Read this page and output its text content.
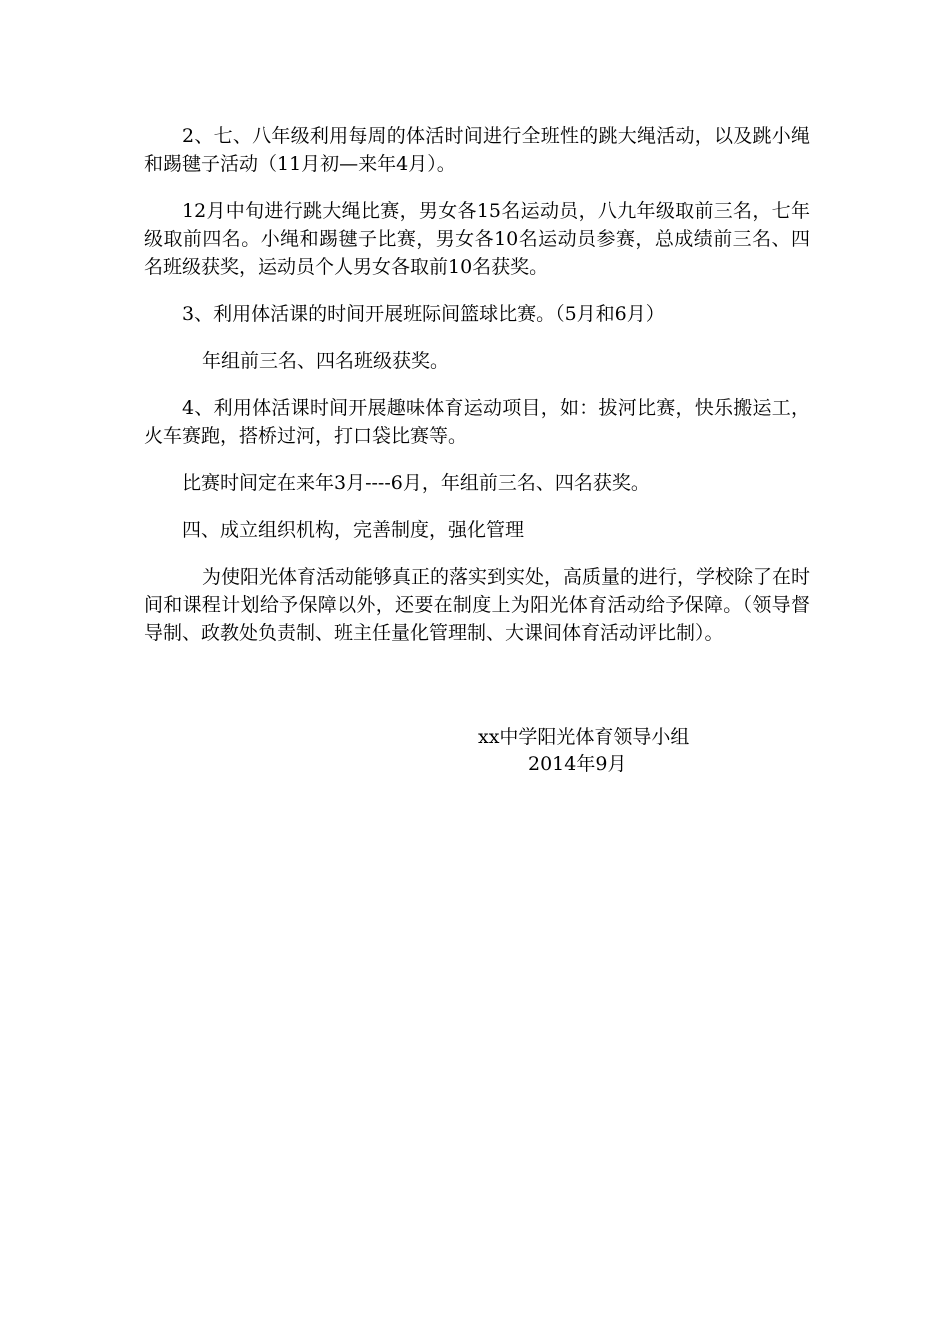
2、七、八年级利用每周的体活时间进行全班性的跳大绳活动，以及跳小绳和踢毽子活动（11月初—来年4月）。

12月中旬进行跳大绳比赛，男女各15名运动员，八九年级取前三名，七年级取前四名。小绳和踢毽子比赛，男女各10名运动员参赛，总成绩前三名、四名班级获奖，运动员个人男女各取前10名获奖。

3、利用体活课的时间开展班际间篮球比赛。（5月和6月）

年组前三名、四名班级获奖。

4、利用体活课时间开展趣味体育运动项目，如：拔河比赛，快乐搬运工，火车赛跑，搭桥过河，打口袋比赛等。

比赛时间定在来年3月----6月，年组前三名、四名获奖。

四、成立组织机构，完善制度，强化管理

为使阳光体育活动能够真正的落实到实处，高质量的进行，学校除了在时间和课程计划给予保障以外，还要在制度上为阳光体育活动给予保障。（领导督导制、政教处负责制、班主任量化管理制、大课间体育活动评比制）。

xx中学阳光体育领导小组
2014年9月
